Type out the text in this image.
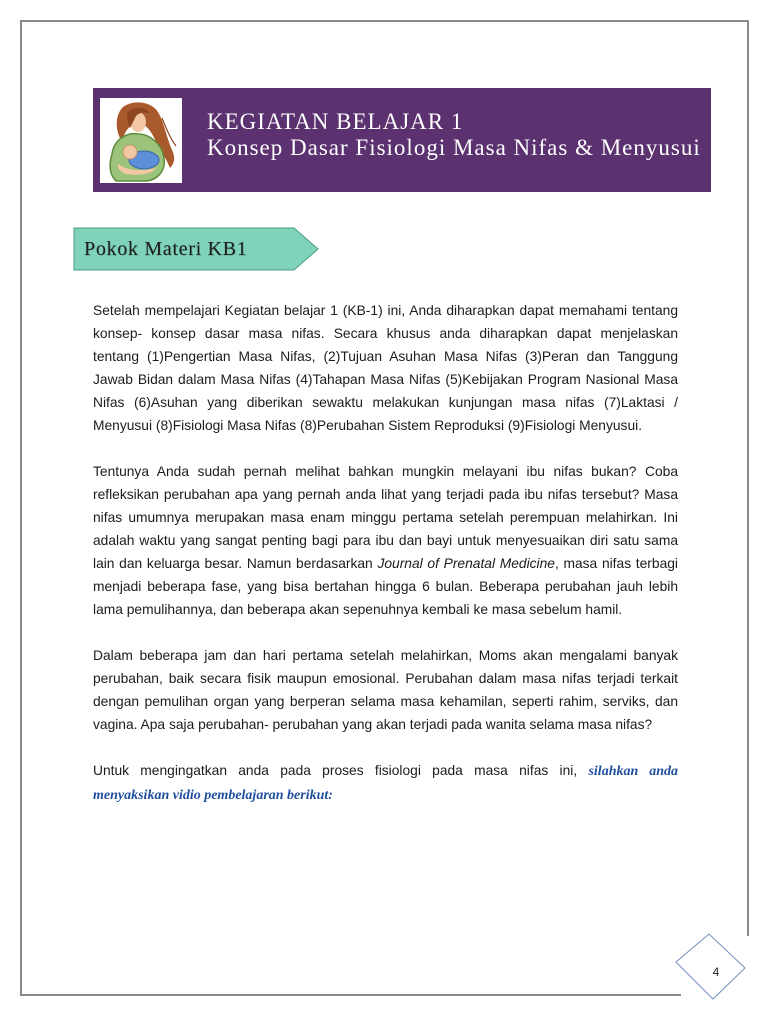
KEGIATAN BELAJAR 1
Konsep Dasar Fisiologi Masa Nifas & Menyusui
Pokok Materi KB1
Setelah mempelajari Kegiatan belajar 1 (KB-1) ini, Anda diharapkan dapat memahami tentang
konsep- konsep dasar masa nifas. Secara khusus anda diharapkan dapat menjelaskan
tentang (1)Pengertian Masa Nifas, (2)Tujuan Asuhan Masa Nifas (3)Peran dan Tanggung
Jawab Bidan dalam Masa Nifas (4)Tahapan Masa Nifas (5)Kebijakan Program Nasional Masa
Nifas (6)Asuhan yang diberikan sewaktu melakukan kunjungan masa nifas (7)Laktasi /
Menyusui (8)Fisiologi Masa Nifas (8)Perubahan Sistem Reproduksi (9)Fisiologi Menyusui.
Tentunya Anda sudah pernah melihat bahkan mungkin melayani ibu nifas bukan? Coba
refleksikan perubahan apa yang pernah anda lihat yang terjadi pada ibu nifas tersebut? Masa
nifas umumnya merupakan masa enam minggu pertama setelah perempuan melahirkan. Ini
adalah waktu yang sangat penting bagi para ibu dan bayi untuk menyesuaikan diri satu sama
lain dan keluarga besar. Namun berdasarkan Journal of Prenatal Medicine, masa nifas terbagi
menjadi beberapa fase, yang bisa bertahan hingga 6 bulan. Beberapa perubahan jauh lebih
lama pemulihannya, dan beberapa akan sepenuhnya kembali ke masa sebelum hamil.
Dalam beberapa jam dan hari pertama setelah melahirkan, Moms akan mengalami banyak
perubahan, baik secara fisik maupun emosional. Perubahan dalam masa nifas terjadi terkait
dengan pemulihan organ yang berperan selama masa kehamilan, seperti rahim, serviks, dan
vagina. Apa saja perubahan- perubahan yang akan terjadi pada wanita selama masa nifas?
Untuk mengingatkan anda pada proses fisiologi pada masa nifas ini, silahkan anda
menyaksikan vidio pembelajaran berikut:
4
